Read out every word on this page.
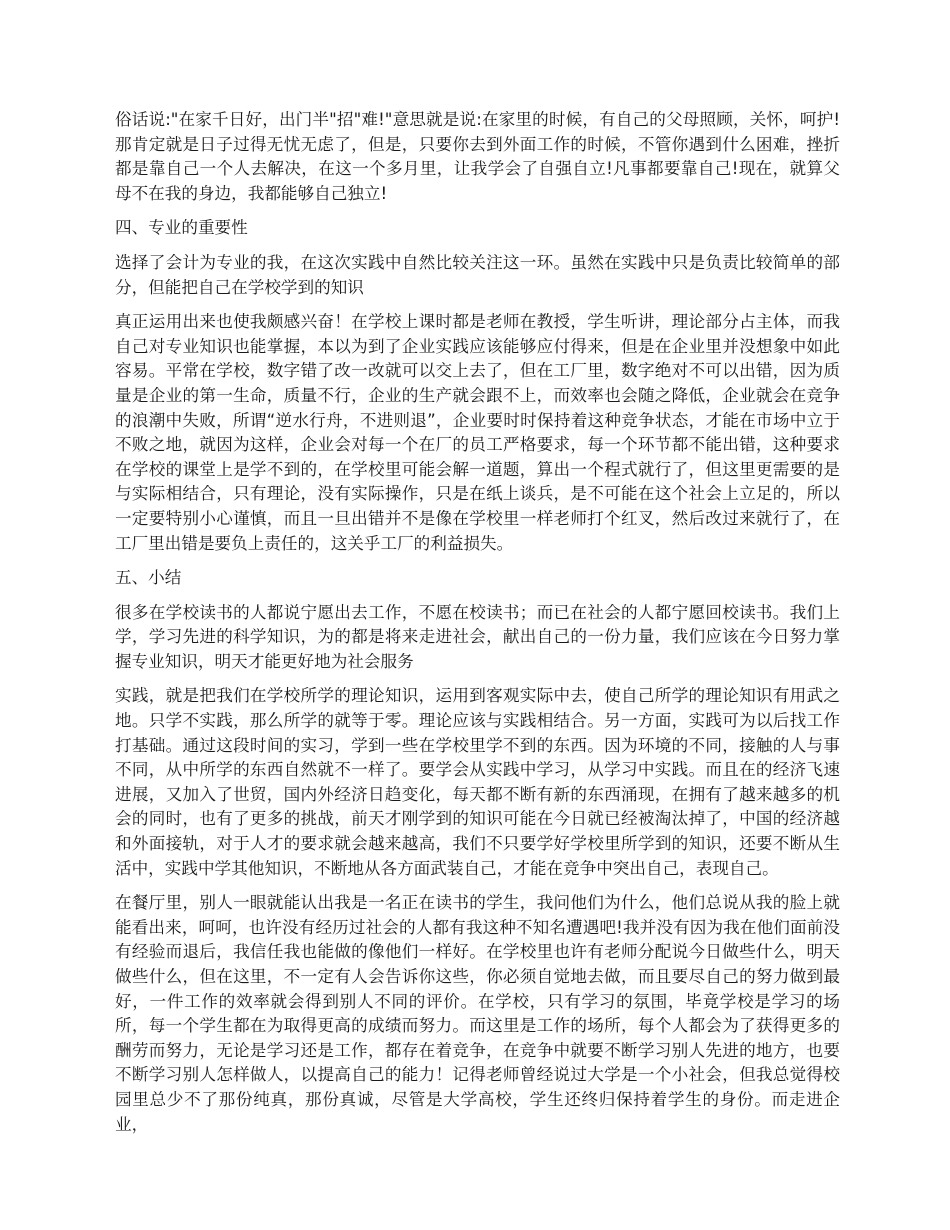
俗话说:"在家千日好，出门半"招"难!"意思就是说:在家里的时候，有自己的父母照顾，关怀，呵护!那肯定就是日子过得无忧无虑了，但是，只要你去到外面工作的时候，不管你遇到什么困难，挫折都是靠自己一个人去解决，在这一个多月里，让我学会了自强自立!凡事都要靠自己!现在，就算父母不在我的身边，我都能够自己独立!

四、专业的重要性

选择了会计为专业的我，在这次实践中自然比较关注这一环。虽然在实践中只是负责比较简单的部分，但能把自己在学校学到的知识

真正运用出来也使我颇感兴奋！在学校上课时都是老师在教授，学生听讲，理论部分占主体，而我自己对专业知识也能掌握，本以为到了企业实践应该能够应付得来，但是在企业里并没想象中如此容易。平常在学校，数字错了改一改就可以交上去了，但在工厂里，数字绝对不可以出错，因为质量是企业的第一生命，质量不行，企业的生产就会跟不上，而效率也会随之降低，企业就会在竞争的浪潮中失败，所谓“逆水行舟，不进则退”，企业要时时保持着这种竞争状态，才能在市场中立于不败之地，就因为这样，企业会对每一个在厂的员工严格要求，每一个环节都不能出错，这种要求在学校的课堂上是学不到的，在学校里可能会解一道题，算出一个程式就行了，但这里更需要的是与实际相结合，只有理论，没有实际操作，只是在纸上谈兵，是不可能在这个社会上立足的，所以一定要特别小心谨慎，而且一旦出错并不是像在学校里一样老师打个红叉，然后改过来就行了，在工厂里出错是要负上责任的，这关乎工厂的利益损失。

五、小结

很多在学校读书的人都说宁愿出去工作，不愿在校读书；而已在社会的人都宁愿回校读书。我们上学，学习先进的科学知识，为的都是将来走进社会，献出自己的一份力量，我们应该在今日努力掌握专业知识，明天才能更好地为社会服务

实践，就是把我们在学校所学的理论知识，运用到客观实际中去，使自己所学的理论知识有用武之地。只学不实践，那么所学的就等于零。理论应该与实践相结合。另一方面，实践可为以后找工作打基础。通过这段时间的实习，学到一些在学校里学不到的东西。因为环境的不同，接触的人与事不同，从中所学的东西自然就不一样了。要学会从实践中学习，从学习中实践。而且在的经济飞速进展，又加入了世贸，国内外经济日趋变化，每天都不断有新的东西涌现，在拥有了越来越多的机会的同时，也有了更多的挑战，前天才刚学到的知识可能在今日就已经被淘汰掉了，中国的经济越和外面接轨，对于人才的要求就会越来越高，我们不只要学好学校里所学到的知识，还要不断从生活中，实践中学其他知识，不断地从各方面武装自己，才能在竞争中突出自己，表现自己。

在餐厅里，别人一眼就能认出我是一名正在读书的学生，我问他们为什么，他们总说从我的脸上就能看出来，呵呵，也许没有经历过社会的人都有我这种不知名遭遇吧!我并没有因为我在他们面前没有经验而退后，我信任我也能做的像他们一样好。在学校里也许有老师分配说今日做些什么，明天做些什么，但在这里，不一定有人会告诉你这些，你必须自觉地去做，而且要尽自己的努力做到最好，一件工作的效率就会得到别人不同的评价。在学校，只有学习的氛围，毕竟学校是学习的场所，每一个学生都在为取得更高的成绩而努力。而这里是工作的场所，每个人都会为了获得更多的酬劳而努力，无论是学习还是工作，都存在着竞争，在竞争中就要不断学习别人先进的地方，也要不断学习别人怎样做人，以提高自己的能力！记得老师曾经说过大学是一个小社会，但我总觉得校园里总少不了那份纯真，那份真诚，尽管是大学高校，学生还终归保持着学生的身份。而走进企业，
